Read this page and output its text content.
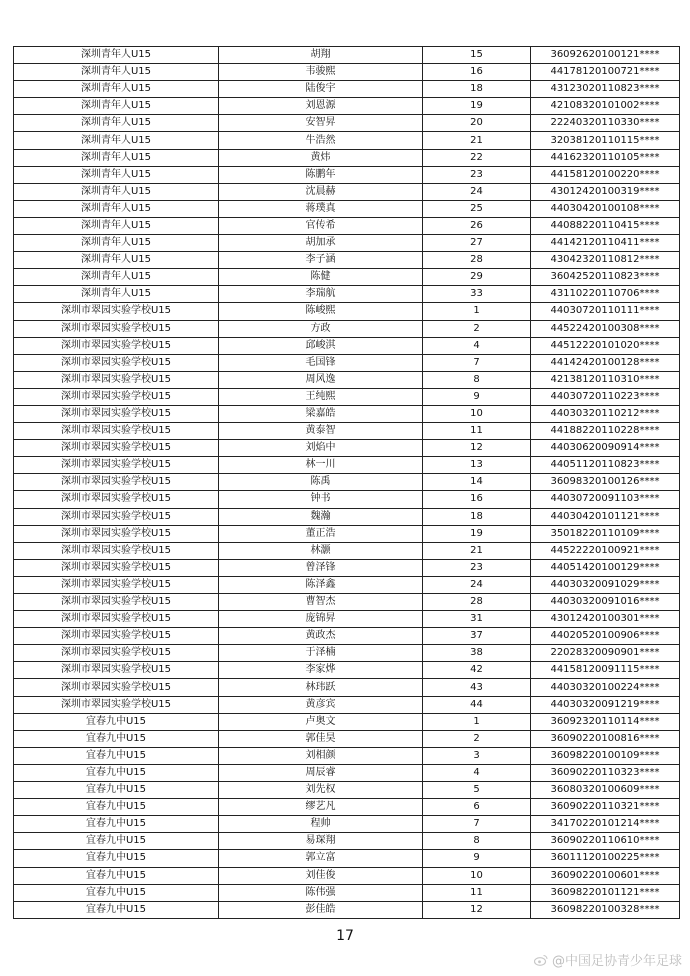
深圳青年人U15	胡翔	15	36092620100121****
深圳青年人U15	韦骏熙	16	44178120100721****
深圳青年人U15	陆俊宇	18	43123020110823****
深圳青年人U15	刘恩源	19	42108320101002****
深圳青年人U15	安智昇	20	22240320110330****
深圳青年人U15	牛浩然	21	32038120110115****
深圳青年人U15	黄炜	22	44162320110105****
深圳青年人U15	陈鹏年	23	44158120100220****
深圳青年人U15	沈晨赫	24	43012420100319****
深圳青年人U15	蒋璞真	25	44030420100108****
深圳青年人U15	官传希	26	44088220110415****
深圳青年人U15	胡加承	27	44142120110411****
深圳青年人U15	李子涵	28	43042320110812****
深圳青年人U15	陈健	29	36042520110823****
深圳青年人U15	李瑞航	33	43110220110706****
深圳市翠园实验学校U15	陈峻熙	1	44030720110111****
深圳市翠园实验学校U15	方政	2	44522420100308****
深圳市翠园实验学校U15	邱峻淇	4	44512220101020****
深圳市翠园实验学校U15	毛国锋	7	44142420100128****
深圳市翠园实验学校U15	周风逸	8	42138120110310****
深圳市翠园实验学校U15	王纯熙	9	44030720110223****
深圳市翠园实验学校U15	梁嘉皓	10	44030320110212****
深圳市翠园实验学校U15	黄泰智	11	44188220110228****
深圳市翠园实验学校U15	刘焰中	12	44030620090914****
深圳市翠园实验学校U15	林一川	13	44051120110823****
深圳市翠园实验学校U15	陈禹	14	36098320100126****
深圳市翠园实验学校U15	钟书	16	44030720091103****
深圳市翠园实验学校U15	魏瀚	18	44030420101121****
深圳市翠园实验学校U15	董正浩	19	35018220110109****
深圳市翠园实验学校U15	林灏	21	44522220100921****
深圳市翠园实验学校U15	曾泽锋	23	44051420100129****
深圳市翠园实验学校U15	陈泽鑫	24	44030320091029****
深圳市翠园实验学校U15	曹智杰	28	44030320091016****
深圳市翠园实验学校U15	庞锦昇	31	43012420100301****
深圳市翠园实验学校U15	黄政杰	37	44020520100906****
深圳市翠园实验学校U15	于泽楠	38	22028320090901****
深圳市翠园实验学校U15	李家烨	42	44158120091115****
深圳市翠园实验学校U15	林玮跃	43	44030320100224****
深圳市翠园实验学校U15	黄彦宾	44	44030320091219****
宜春九中U15	卢奥文	1	36092320110114****
宜春九中U15	郭佳昊	2	36090220100816****
宜春九中U15	刘相颜	3	36098220100109****
宜春九中U15	周辰睿	4	36090220110323****
宜春九中U15	刘先权	5	36080320100609****
宜春九中U15	缪艺凡	6	36090220110321****
宜春九中U15	程帅	7	34170220101214****
宜春九中U15	易琛翔	8	36090220110610****
宜春九中U15	郭立富	9	36011120100225****
宜春九中U15	刘佳俊	10	36090220100601****
宜春九中U15	陈伟强	11	36098220101121****
宜春九中U15	彭佳皓	12	36098220100328****
17
@中国足协青少年足球
